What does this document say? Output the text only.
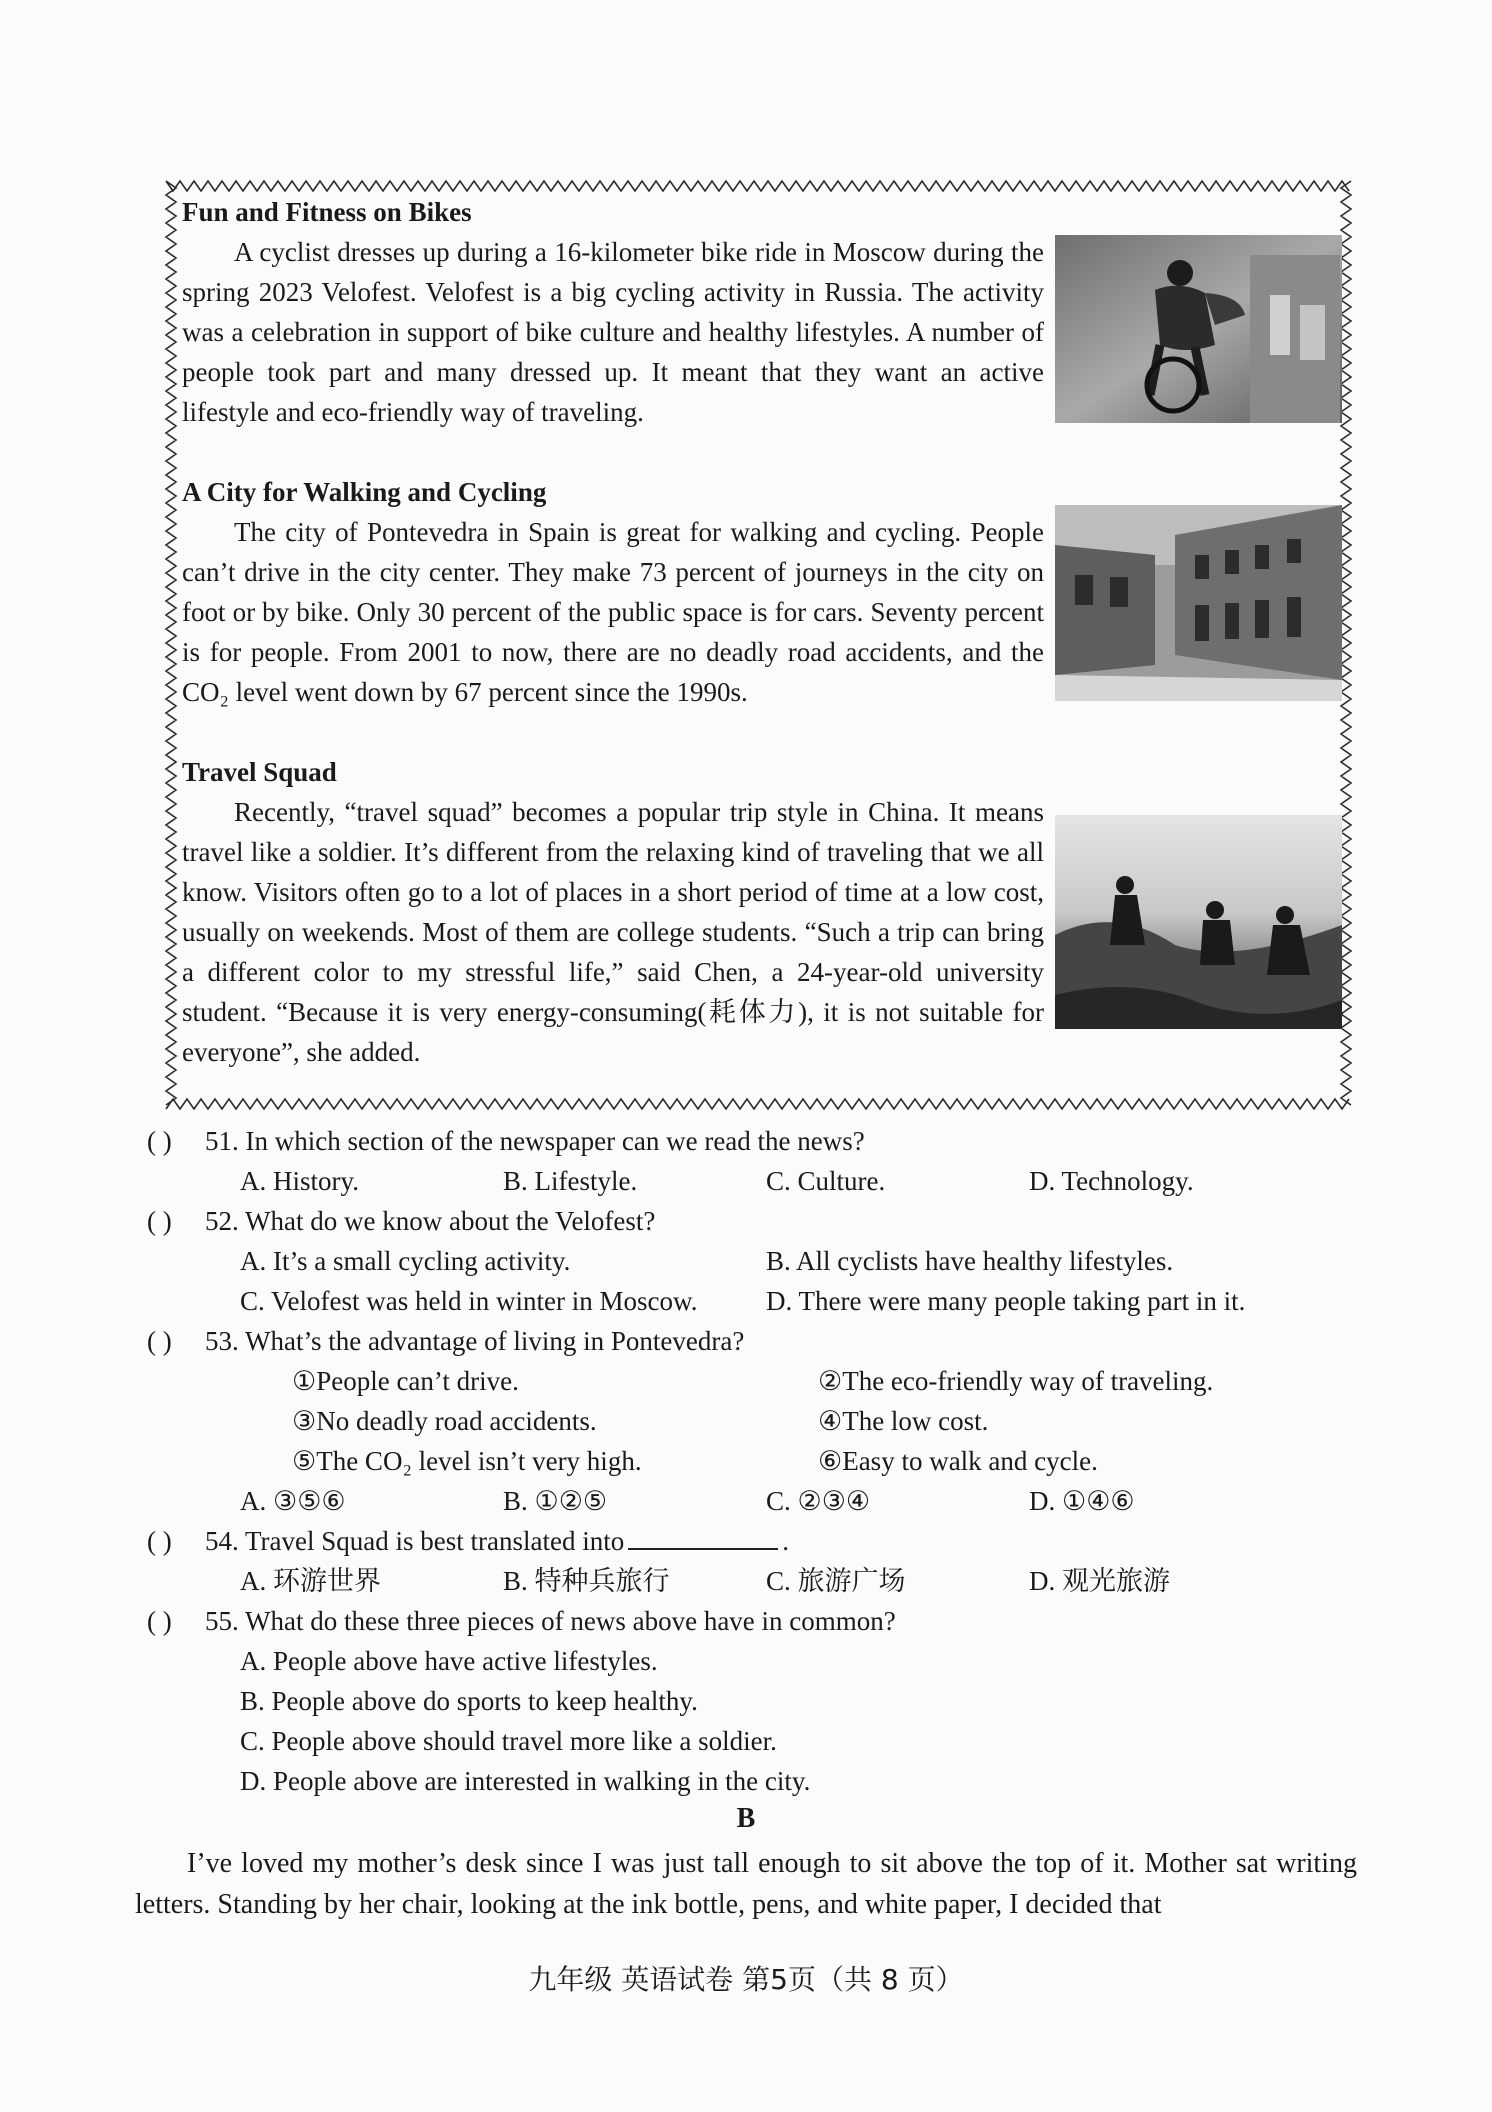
Fun and Fitness on Bikes
A cyclist dresses up during a 16-kilometer bike ride in Moscow during the spring 2023 Velofest. Velofest is a big cycling activity in Russia. The activity was a celebration in support of bike culture and healthy lifestyles. A number of people took part and many dressed up. It meant that they want an active lifestyle and eco-friendly way of traveling.
A City for Walking and Cycling
The city of Pontevedra in Spain is great for walking and cycling. People can’t drive in the city center. They make 73 percent of journeys in the city on foot or by bike. Only 30 percent of the public space is for cars. Seventy percent is for people. From 2001 to now, there are no deadly road accidents, and the CO₂ level went down by 67 percent since the 1990s.
Travel Squad
Recently, “travel squad” becomes a popular trip style in China. It means travel like a soldier. It’s different from the relaxing kind of traveling that we all know. Visitors often go to a lot of places in a short period of time at a low cost, usually on weekends. Most of them are college students. “Such a trip can bring a different color to my stressful life,” said Chen, a 24-year-old university student. “Because it is very energy-consuming(耗体力), it is not suitable for everyone”, she added.
( ) 51. In which section of the newspaper can we read the news?
A. History.	B. Lifestyle.	C. Culture.	D. Technology.
( ) 52. What do we know about the Velofest?
A. It’s a small cycling activity.	B. All cyclists have healthy lifestyles.
C. Velofest was held in winter in Moscow.	D. There were many people taking part in it.
( ) 53. What’s the advantage of living in Pontevedra?
①People can’t drive.	②The eco-friendly way of traveling.
③No deadly road accidents.	④The low cost.
⑤The CO₂ level isn’t very high.	⑥Easy to walk and cycle.
A. ③⑤⑥	B. ①②⑤	C. ②③④	D. ①④⑥
( ) 54. Travel Squad is best translated into	.
A. 环游世界	B. 特种兵旅行	C. 旅游广场	D. 观光旅游
( ) 55. What do these three pieces of news above have in common?
A. People above have active lifestyles.
B. People above do sports to keep healthy.
C. People above should travel more like a soldier.
D. People above are interested in walking in the city.
B
I’ve loved my mother’s desk since I was just tall enough to sit above the top of it. Mother sat writing letters. Standing by her chair, looking at the ink bottle, pens, and white paper, I decided that
九年级 英语试卷 第5页（共 8 页）
